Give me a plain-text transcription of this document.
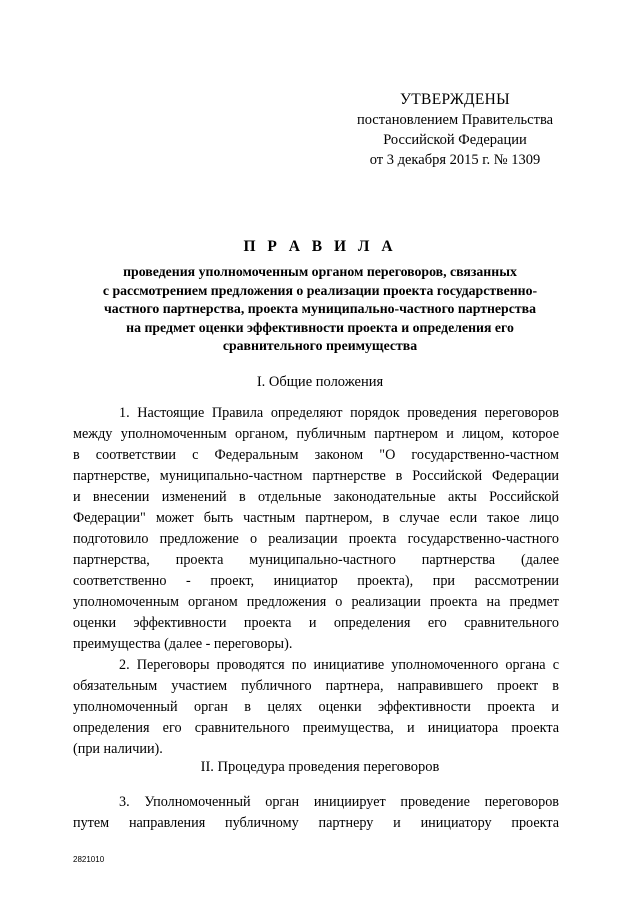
УТВЕРЖДЕНЫ
постановлением Правительства
Российской Федерации
от 3 декабря 2015 г. № 1309
П Р А В И Л А
проведения уполномоченным органом переговоров, связанных
с рассмотрением предложения о реализации проекта государственно-
частного партнерства, проекта муниципально-частного партнерства
на предмет оценки эффективности проекта и определения его
сравнительного преимущества
I. Общие положения
1. Настоящие Правила определяют порядок проведения переговоров
между уполномоченным органом, публичным партнером и лицом, которое
в соответствии с Федеральным законом "О государственно-частном
партнерстве, муниципально-частном партнерстве в Российской Федерации
и внесении изменений в отдельные законодательные акты Российской
Федерации" может быть частным партнером, в случае если такое лицо
подготовило предложение о реализации проекта государственно-частного
партнерства, проекта муниципально-частного партнерства (далее
соответственно - проект, инициатор проекта), при рассмотрении
уполномоченным органом предложения о реализации проекта на предмет
оценки эффективности проекта и определения его сравнительного
преимущества (далее - переговоры).
2. Переговоры проводятся по инициативе уполномоченного органа с
обязательным участием публичного партнера, направившего проект в
уполномоченный орган в целях оценки эффективности проекта и
определения его сравнительного преимущества, и инициатора проекта
(при наличии).
II. Процедура проведения переговоров
3. Уполномоченный орган инициирует проведение переговоров
путем направления публичному партнеру и инициатору проекта
2821010
